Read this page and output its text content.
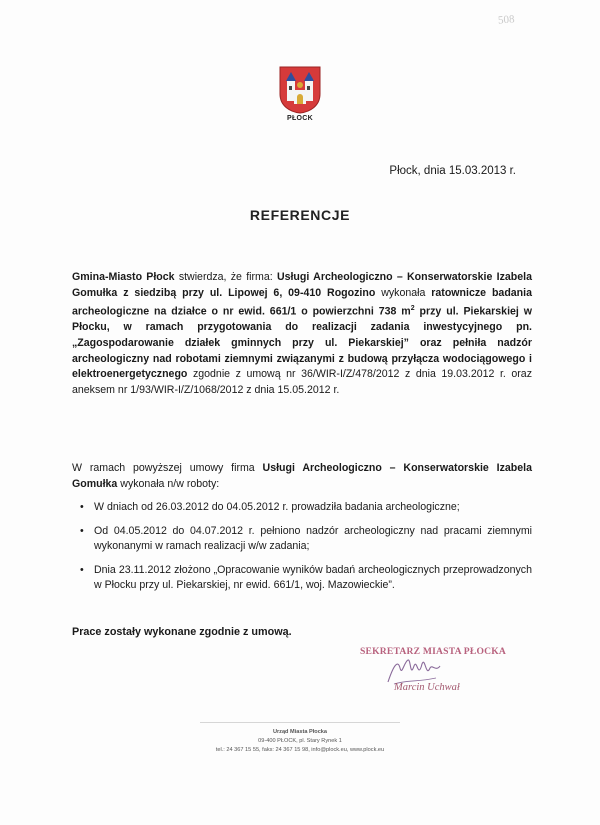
508
PŁOCK
Płock, dnia 15.03.2013 r.
REFERENCJE

Gmina-Miasto Płock stwierdza, że firma: Usługi Archeologiczno – Konserwatorskie Izabela Gomułka z siedzibą przy ul. Lipowej 6, 09-410 Rogozino wykonała ratownicze badania archeologiczne na działce o nr ewid. 661/1 o powierzchni 738 $m^2$ przy ul. Piekarskiej w Płocku, w ramach przygotowania do realizacji zadania inwestycyjnego pn. „Zagospodarowanie działek gminnych przy ul. Piekarskiej” oraz pełniła nadzór archeologiczny nad robotami ziemnymi związanymi z budową przyłącza wodociągowego i elektroenergetycznego zgodnie z umową nr 36/WIR-I/Z/478/2012 z dnia 19.03.2012 r. oraz aneksem nr 1/93/WIR-I/Z/1068/2012 z dnia 15.05.2012 r.

W ramach powyższej umowy firma Usługi Archeologiczno – Konserwatorskie Izabela Gomułka wykonała n/w roboty:

• W dniach od 26.03.2012 do 04.05.2012 r. prowadziła badania archeologiczne;
• Od 04.05.2012 do 04.07.2012 r. pełniono nadzór archeologiczny nad pracami ziemnymi wykonanymi w ramach realizacji w/w zadania;
• Dnia 23.11.2012 złożono „Opracowanie wyników badań archeologicznych przeprowadzonych w Płocku przy ul. Piekarskiej, nr ewid. 661/1, woj. Mazowieckie”.
Prace zostały wykonane zgodnie z umową.
SEKRETARZ MIASTA PŁOCKA
Marcin Uchwał
Urząd Miasta Płocka
09-400 PŁOCK, pl. Stary Rynek 1
tel.: 24 367 15 55, faks: 24 367 15 98, info@plock.eu, www.plock.eu
